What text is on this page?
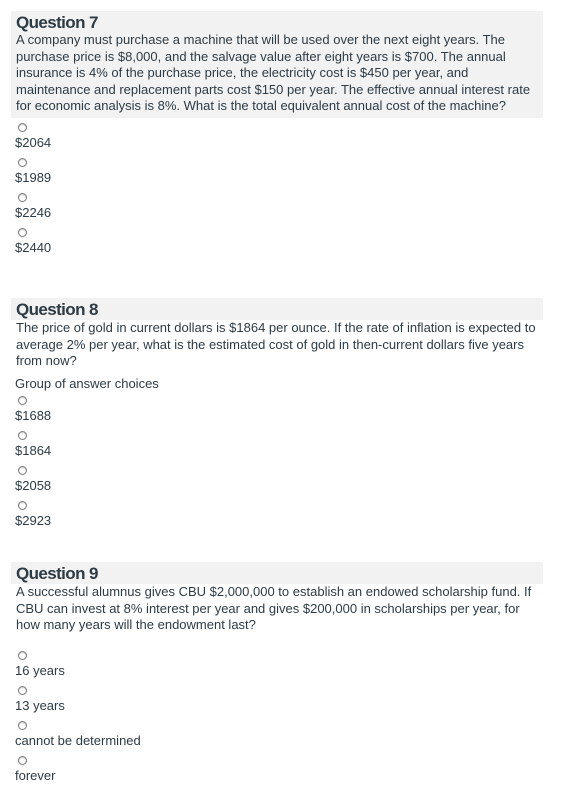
Question 7

A company must purchase a machine that will be used over the next eight years. The purchase price is $8,000, and the salvage value after eight years is $700. The annual insurance is 4% of the purchase price, the electricity cost is $450 per year, and maintenance and replacement parts cost $150 per year. The effective annual interest rate for economic analysis is 8%. What is the total equivalent annual cost of the machine?

$2064
$1989
$2246
$2440
Question 8

The price of gold in current dollars is $1864 per ounce. If the rate of inflation is expected to average 2% per year, what is the estimated cost of gold in then-current dollars five years from now?

Group of answer choices
$1688
$1864
$2058
$2923
Question 9

A successful alumnus gives CBU $2,000,000 to establish an endowed scholarship fund. If CBU can invest at 8% interest per year and gives $200,000 in scholarships per year, for how many years will the endowment last?

16 years
13 years
cannot be determined
forever
